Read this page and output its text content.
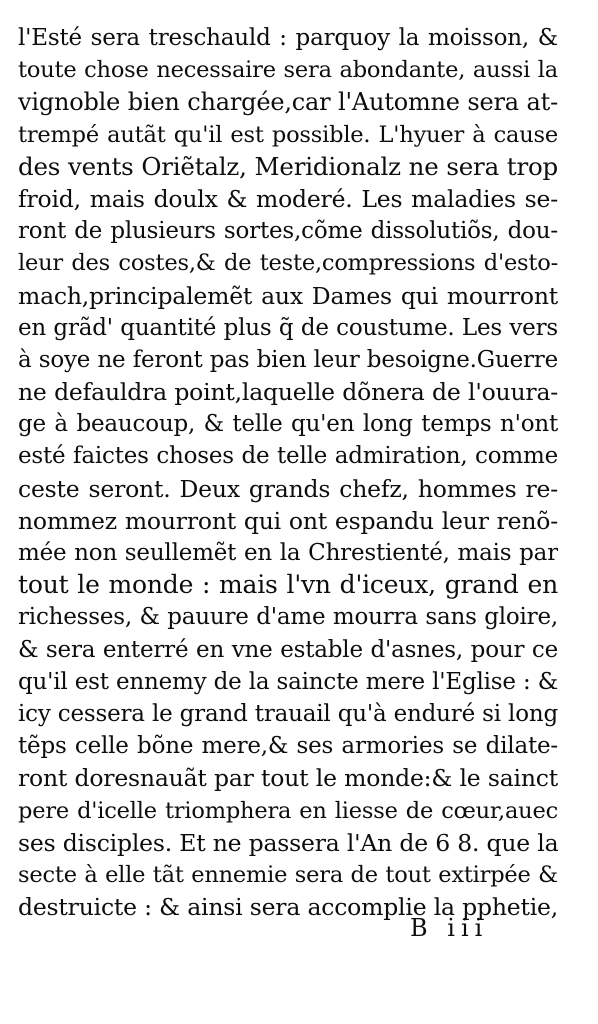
l'Esté sera treschauld : parquoy la moisson, &
toute chose necessaire sera abondante, aussi la
vignoble bien chargée,car l'Automne sera at-
trempé autãt qu'il est possible. L'hyuer à cause
des vents Oriẽtalz, Meridionalz ne sera trop
froid, mais doulx & moderé. Les maladies se-
ront de plusieurs sortes,cõme dissolutiõs, dou-
leur des costes,& de teste,compressions d'esto-
mach,principalemẽt aux Dames qui mourront
en grãd' quantité plus q̃ de coustume. Les vers
à soye ne feront pas bien leur besoigne.Guerre
ne defauldra point,laquelle dõnera de l'ouura-
ge à beaucoup, & telle qu'en long temps n'ont
esté faictes choses de telle admiration, comme
ceste seront. Deux grands chefz, hommes re-
nommez mourront qui ont espandu leur renõ-
mée non seullemẽt en la Chrestienté, mais par
tout le monde : mais l'vn d'iceux, grand en
richesses, & pauure d'ame mourra sans gloire,
& sera enterré en vne estable d'asnes, pour ce
qu'il est ennemy de la saincte mere l'Eglise : &
icy cessera le grand trauail qu'à enduré si long
tẽps celle bõne mere,& ses armories se dilate-
ront doresnauãt par tout le monde:& le sainct
pere d'icelle triomphera en liesse de cœur,auec
ses disciples. Et ne passera l'An de 6 8. que la
secte à elle tãt ennemie sera de tout extirpée &
destruicte : & ainsi sera accomplie la pphetie,
B iii
